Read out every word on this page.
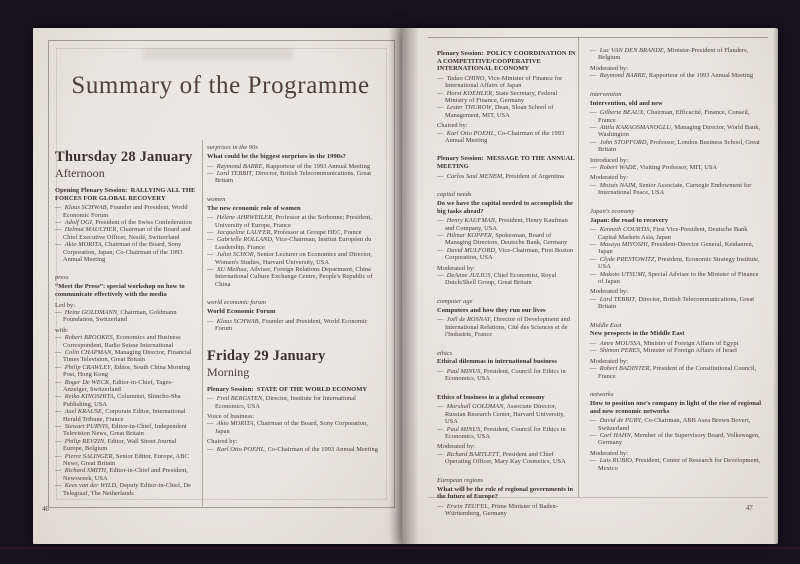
Summary of the Programme
Thursday 28 January
Afternoon
Opening Plenary Session: RALLYING ALL THE FORCES FOR GLOBAL RECOVERY
— Klaus SCHWAB, Founder and President, World Economic Forum
— Adolf OGI, President of the Swiss Confederation
— Helmut MAUCHER, Chairman of the Board and Chief Executive Officer, Nestlé, Switzerland
— Akio MORITA, Chairman of the Board, Sony Corporation, Japan; Co-Chairman of the 1993 Annual Meeting
press
“Meet the Press”: special workshop on how to communicate effectively with the media
Led by:
— Heinz GOLDMANN, Chairman, Goldmann Foundation, Switzerland
with:
— Robert BROOKES, Economics and Business Correspondent, Radio Suisse International
— Colin CHAPMAN, Managing Director, Financial Times Television, Great Britain
— Philip CRAWLEY, Editor, South China Morning Post, Hong Kong
— Roger De WECK, Editor-in-Chief, Tages-Anzeiger, Switzerland
— Reiko KINOSHITA, Columnist, Shincho-Sha Publishing, USA
— Axel KRAUSE, Corporate Editor, International Herald Tribune, France
— Stewart PURVIS, Editor-in-Chief, Independent Television News, Great Britain
— Philip REVZIN, Editor, Wall Street Journal Europe, Belgium
— Pierre SALINGER, Senior Editor, Europe, ABC News, Great Britain
— Richard SMITH, Editor-in-Chief and President, Newsweek, USA
— Kees van der WILD, Deputy Editor-in-Chief, De Telegraaf, The Netherlands
surprises in the 90s
What could be the biggest surprises in the 1990s?
— Raymond BARRE, Rapporteur of the 1993 Annual Meeting
— Lord TEBBIT, Director, British Telecommunications, Great Britain
women
The new economic role of women
— Hélène AHRWEILER, Professor at the Sorbonne; President, University of Europe, France
— Jacqueline LAUFER, Professor at Groupe HEC, France
— Gabrielle ROLLAND, Vice-Chairman, Institut Européen du Leadership, France
— Juliet SCHOR, Senior Lecturer on Economics and Director, Women's Studies, Harvard University, USA
— XU Meihua, Adviser, Foreign Relations Department, China International Culture Exchange Centre, People's Republic of China
world economic forum
World Economic Forum
— Klaus SCHWAB, Founder and President, World Economic Forum
Friday 29 January
Morning
Plenary Session: STATE OF THE WORLD ECONOMY
— Fred BERGSTEN, Director, Institute for International Economics, USA
Voice of business:
— Akio MORITA, Chairman of the Board, Sony Corporation, Japan
Chaired by:
— Karl Otto POEHL, Co-Chairman of the 1993 Annual Meeting
46
Plenary Session: POLICY COORDINATION IN A COMPETITIVE/COOPERATIVE INTERNATIONAL ECONOMY
— Tadao CHINO, Vice-Minister of Finance for International Affairs of Japan
— Horst KOEHLER, State Secretary, Federal Ministry of Finance, Germany
— Lester THUROW, Dean, Sloan School of Management, MIT, USA
Chaired by:
— Karl Otto POEHL, Co-Chairman of the 1993 Annual Meeting
Plenary Session: MESSAGE TO THE ANNUAL MEETING
— Carlos Saul MENEM, President of Argentina
capital needs
Do we have the capital needed to accomplish the big tasks ahead?
— Henry KAUFMAN, President, Henry Kaufman and Company, USA
— Hilmar KOPPER, Spokesman, Board of Managing Directors, Deutsche Bank, Germany
— David MULFORD, Vice-Chairman, First Boston Corporation, USA
Moderated by:
— DeAnne JULIUS, Chief Economist, Royal Dutch/Shell Group, Great Britain
computer age
Computers and how they run our lives
— Joël de ROSNAY, Director of Development and International Relations, Cité des Sciences et de l'Industrie, France
ethics
Ethical dilemmas in international business
— Paul MINUS, President, Council for Ethics in Economics, USA
Ethics of business in a global economy
— Marshall GOLDMAN, Associate Director, Russian Research Center, Harvard University, USA
— Paul MINUS, President, Council for Ethics in Economics, USA
Moderated by:
— Richard BARTLETT, President and Chief Operating Officer, Mary Kay Cosmetics, USA
European regions
What will be the role of regional governments in the future of Europe?
— Erwin TEUFEL, Prime Minister of Baden-Württemberg, Germany
— Luc VAN DEN BRANDE, Minister-President of Flanders, Belgium
Moderated by:
— Raymond BARRE, Rapporteur of the 1993 Annual Meeting
intervention
Intervention, old and new
— Gilberte BEAUX, Chairman, Efficacité, Finance, Conseil, France
— Attila KARAOSMANOGLU, Managing Director, World Bank, Washington
— John STOPFORD, Professor, London Business School, Great Britain
Introduced by:
— Robert WADE, Visiting Professor, MIT, USA
Moderated by:
— Moisés NAIM, Senior Associate, Carnegie Endowment for International Peace, USA
Japan's economy
Japan: the road to recovery
— Kenneth COURTIS, First Vice-President, Deutsche Bank Capital Markets Asia, Japan
— Masaya MIYOSHI, President-Director General, Keidanren, Japan
— Clyde PRESTOWITZ, President, Economic Strategy Institute, USA
— Makoto UTSUMI, Special Adviser to the Minister of Finance of Japan
Moderated by:
— Lord TEBBIT, Director, British Telecommunications, Great Britain
Middle East
New prospects in the Middle East
— Amre MOUSSA, Minister of Foreign Affairs of Egypt
— Shimon PERES, Minister of Foreign Affairs of Israel
Moderated by:
— Robert BADINTER, President of the Constitutional Council, France
networks
How to position one's company in light of the rise of regional and new economic networks
— David de PURY, Co-Chairman, ABB Asea Brown Boveri, Switzerland
— Carl HAHN, Member of the Supervisory Board, Volkswagen, Germany
Moderated by:
— Luis RUBIO, President, Center of Research for Development, Mexico
47
